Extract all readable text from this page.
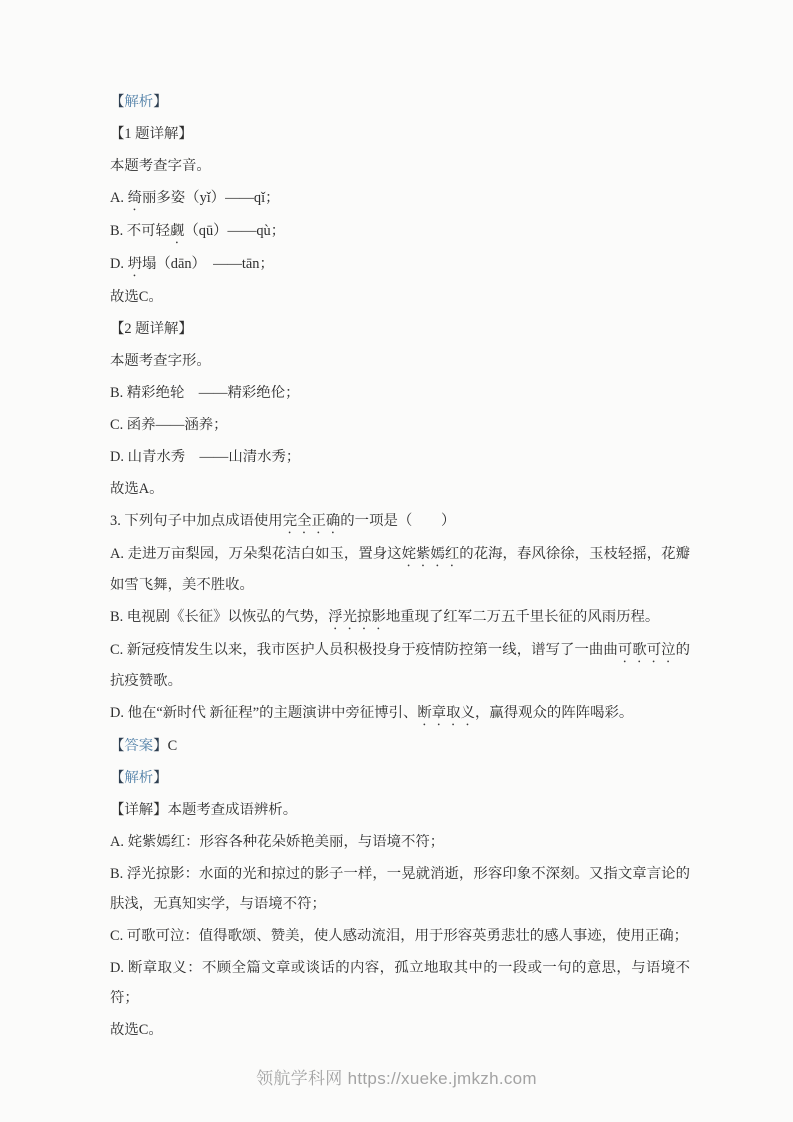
【解析】

【1 题详解】

本题考查字音。

A. 绮丽多姿（yǐ）——qǐ；

B. 不可轻觑（qū）——qù；

D. 坍塌（dān）　——tān；

故选C。

【2 题详解】

本题考查字形。

B. 精彩绝轮　——精彩绝伦；

C. 函养——涵养；

D. 山青水秀　——山清水秀；

故选A。

3. 下列句子中加点成语使用完全正确的一项是（　　）

A. 走进万亩梨园，万朵梨花洁白如玉，置身这姹紫嫣红的花海，春风徐徐，玉枝轻摇，花瓣如雪飞舞，美不胜收。

B. 电视剧《长征》以恢弘的气势，浮光掠影地重现了红军二万五千里长征的风雨历程。

C. 新冠疫情发生以来，我市医护人员积极投身于疫情防控第一线，谱写了一曲曲可歌可泣的抗疫赞歌。

D. 他在“新时代 新征程”的主题演讲中旁征博引、断章取义，赢得观众的阵阵喝彩。

【答案】C

【解析】

【详解】本题考查成语辨析。

A. 姹紫嫣红：形容各种花朵娇艳美丽，与语境不符；

B. 浮光掠影：水面的光和掠过的影子一样，一晃就消逝，形容印象不深刻。又指文章言论的肤浅，无真知实学，与语境不符；

C. 可歌可泣：值得歌颂、赞美，使人感动流泪，用于形容英勇悲壮的感人事迹，使用正确；

D. 断章取义：不顾全篇文章或谈话的内容，孤立地取其中的一段或一句的意思，与语境不符；

故选C。

领航学科网 https://xueke.jmkzh.com
